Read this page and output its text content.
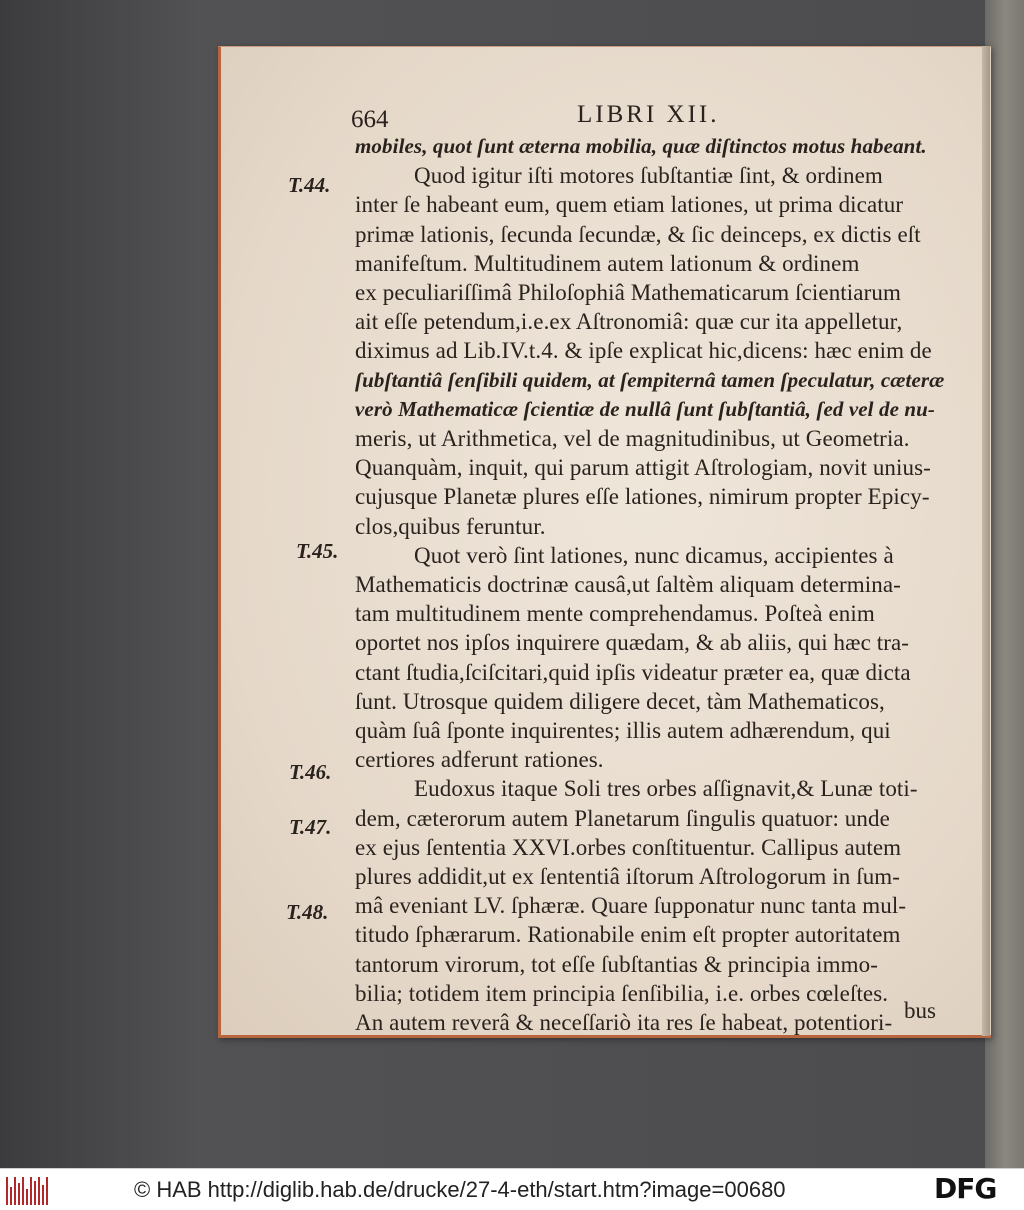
664	LIBRI XII.
mobiles, quot ſunt æterna mobilia, quæ diſtinctos motus habeant.
Quod igitur iſti motores ſubſtantiæ ſint, & ordinem
inter ſe habeant eum, quem etiam lationes, ut prima dicatur
primæ lationis, ſecunda ſecundæ, & ſic deinceps, ex dictis eſt
manifeſtum. Multitudinem autem lationum & ordinem
ex peculiariſſimâ Philoſophiâ Mathematicarum ſcientiarum
ait eſſe petendum,i.e.ex Aſtronomiâ: quæ cur ita appelletur,
diximus ad Lib.IV.t.4. & ipſe explicat hic,dicens: hæc enim de
ſubſtantiâ ſenſibili quidem, at ſempiternâ tamen ſpeculatur, cæteræ
verò Mathematicæ ſcientiæ de nullâ ſunt ſubſtantiâ, ſed vel de nu-
meris, ut Arithmetica, vel de magnitudinibus, ut Geometria.
Quanquàm, inquit, qui parum attigit Aſtrologiam, novit unius-
cujusque Planetæ plures eſſe lationes, nimirum propter Epicy-
clos,quibus feruntur.
Quot verò ſint lationes, nunc dicamus, accipientes à
Mathematicis doctrinæ causâ,ut ſaltèm aliquam determina-
tam multitudinem mente comprehendamus. Poſteà enim
oportet nos ipſos inquirere quædam, & ab aliis, qui hæc tra-
ctant ſtudia,ſciſcitari,quid ipſis videatur præter ea, quæ dicta
ſunt. Utrosque quidem diligere decet, tàm Mathematicos,
quàm ſuâ ſponte inquirentes; illis autem adhærendum, qui
certiores adferunt rationes.
Eudoxus itaque Soli tres orbes aſſignavit,& Lunæ toti-
dem, cæterorum autem Planetarum ſingulis quatuor: unde
ex ejus ſententia XXVI.orbes conſtituentur. Callipus autem
plures addidit,ut ex ſententiâ iſtorum Aſtrologorum in ſum-
mâ eveniant LV. ſphæræ. Quare ſupponatur nunc tanta mul-
titudo ſphærarum. Rationabile enim eſt propter autoritatem
tantorum virorum, tot eſſe ſubſtantias & principia immo-
bilia; totidem item principia ſenſibilia, i.e. orbes cœleſtes.
An autem reverâ & neceſſariò ita res ſe habeat, potentiori-
T.44.
T.45.
T.46.
T.47.
T.48.
bus
© HAB http://diglib.hab.de/drucke/27-4-eth/start.htm?image=00680	DFG
